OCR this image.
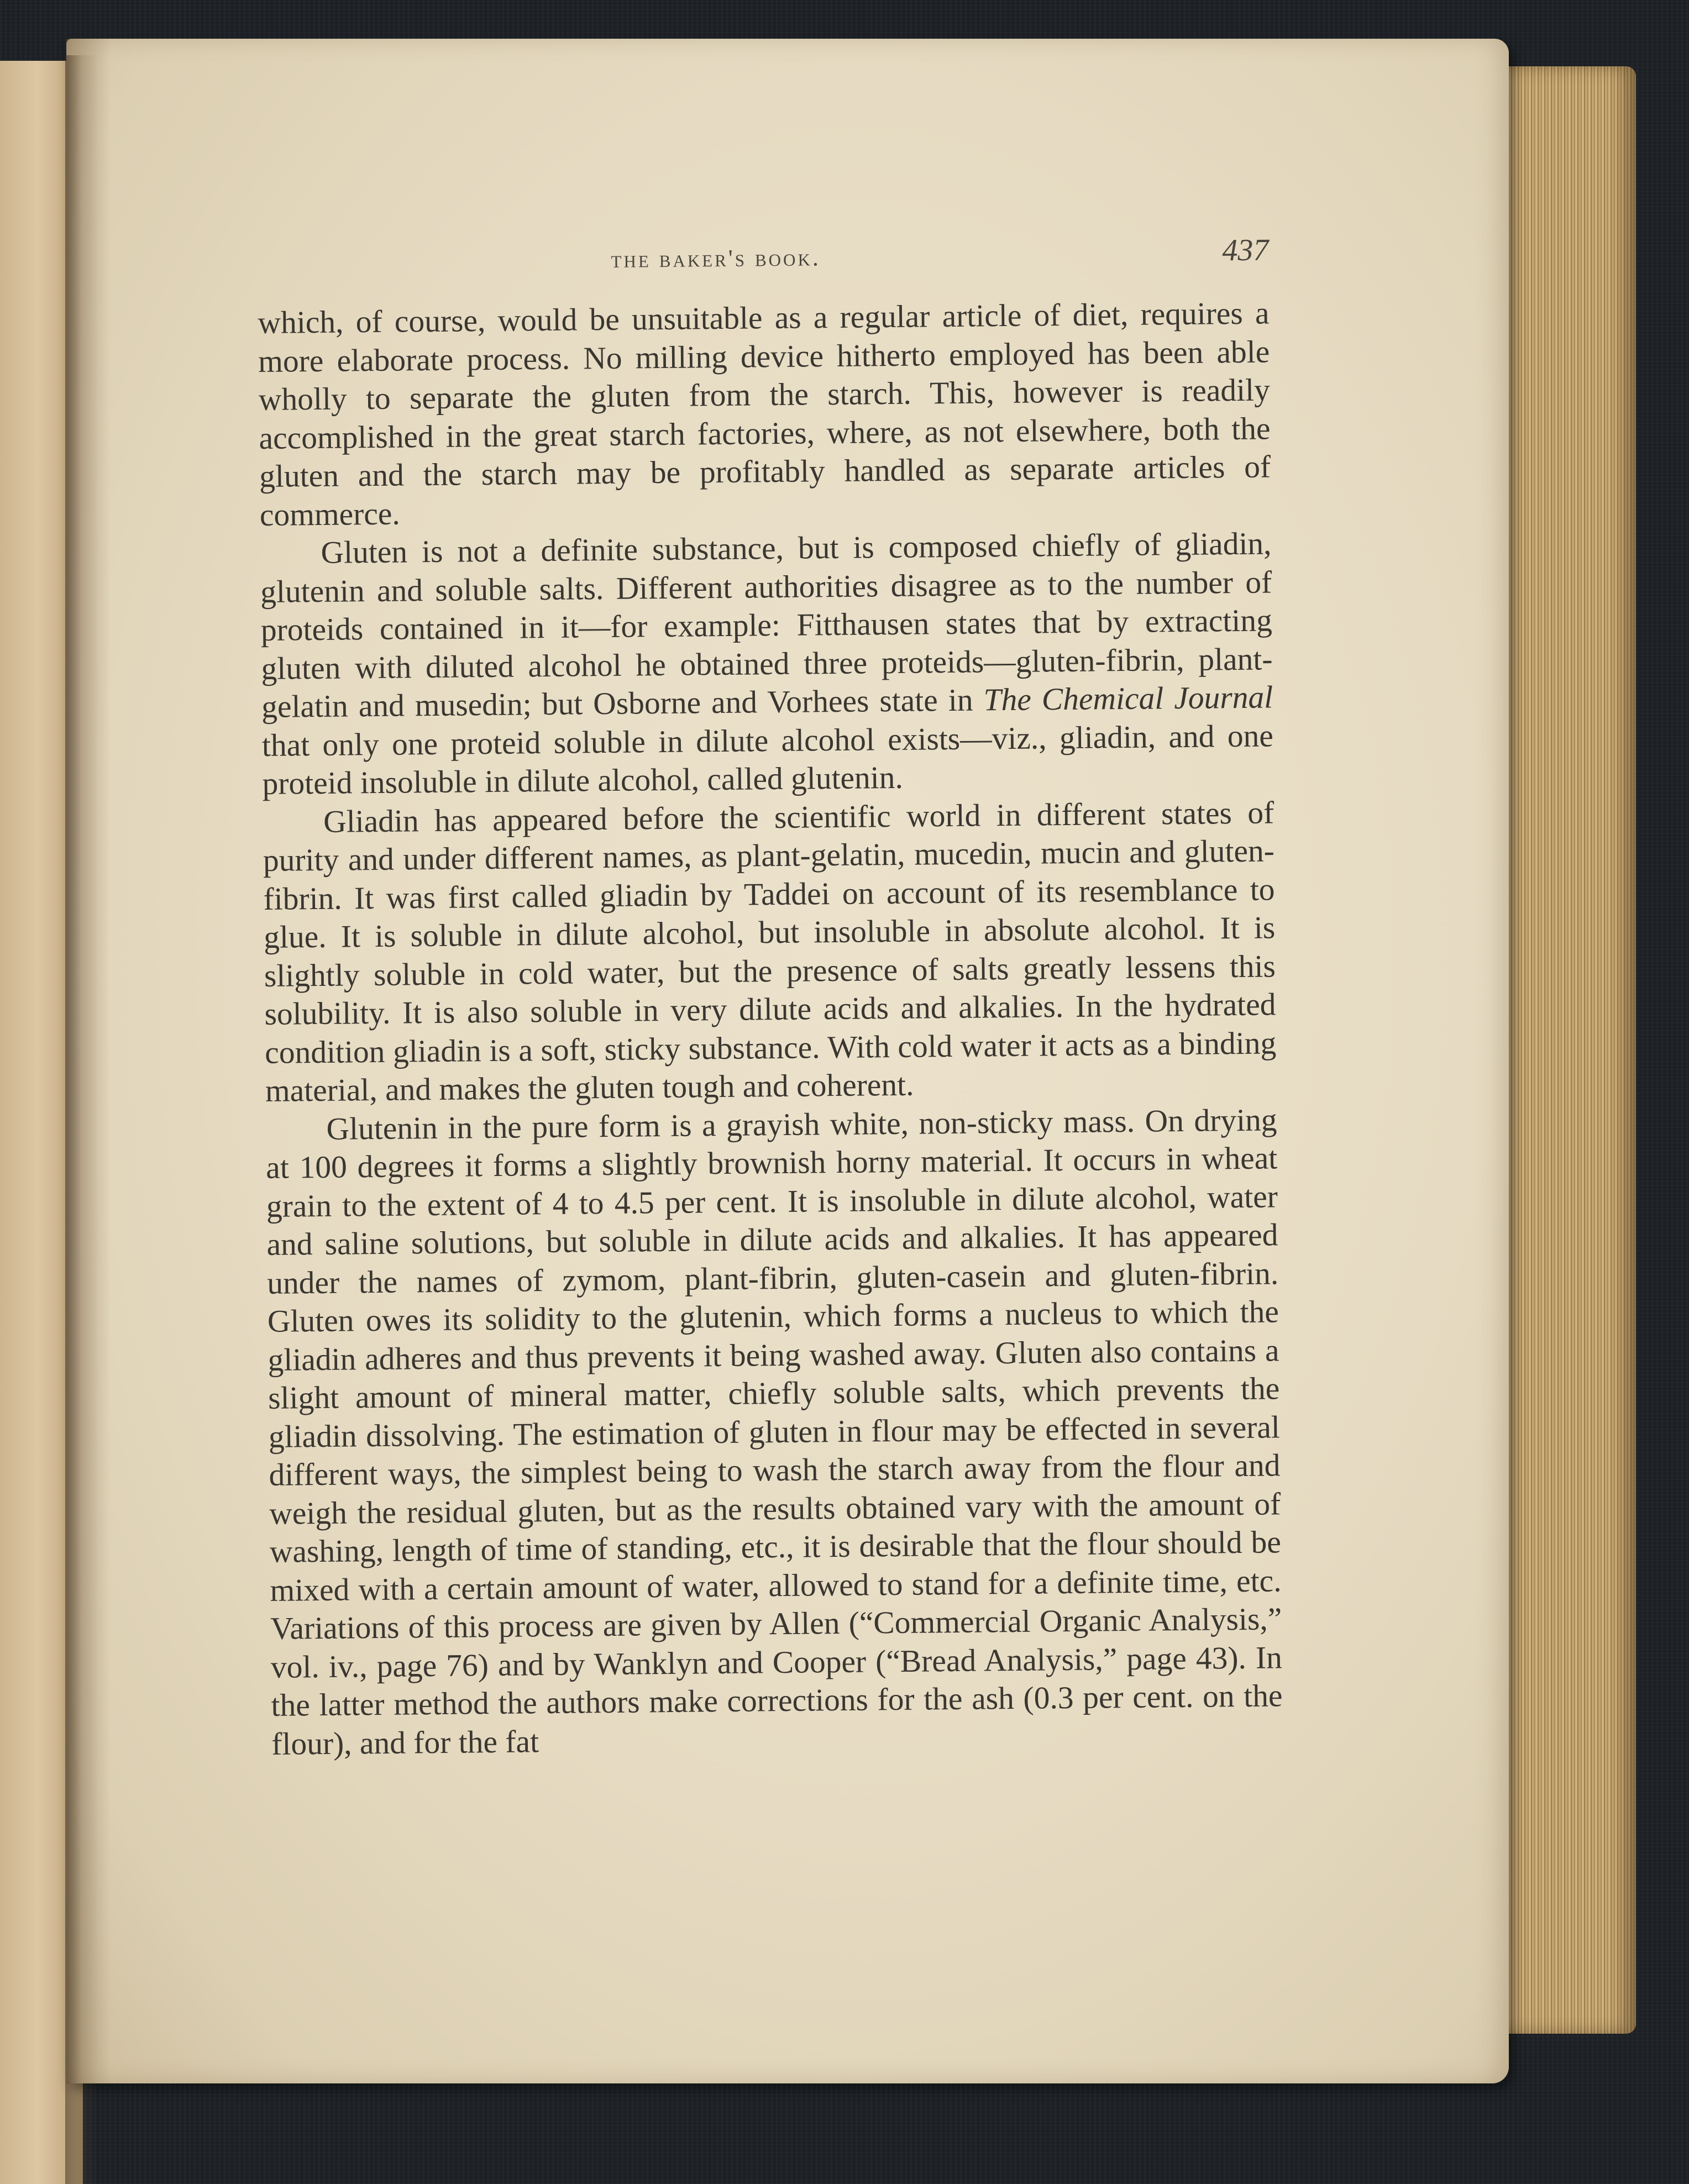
the baker's book.	437

which, of course, would be unsuitable as a regular article of diet, requires a more elaborate process. No milling device hitherto employed has been able wholly to separate the gluten from the starch. This, however is readily accomplished in the great starch factories, where, as not elsewhere, both the gluten and the starch may be profitably handled as separate articles of commerce.

Gluten is not a definite substance, but is composed chiefly of gliadin, glutenin and soluble salts. Different authorities disagree as to the number of proteids contained in it—for example: Fitthausen states that by extracting gluten with diluted alcohol he obtained three proteids—gluten-fibrin, plant-gelatin and musedin; but Osborne and Vorhees state in The Chemical Journal that only one proteid soluble in dilute alcohol exists—viz., gliadin, and one proteid insoluble in dilute alcohol, called glutenin.

Gliadin has appeared before the scientific world in different states of purity and under different names, as plant-gelatin, mucedin, mucin and gluten-fibrin. It was first called gliadin by Taddei on account of its resemblance to glue. It is soluble in dilute alcohol, but insoluble in absolute alcohol. It is slightly soluble in cold water, but the presence of salts greatly lessens this solubility. It is also soluble in very dilute acids and alkalies. In the hydrated condition gliadin is a soft, sticky substance. With cold water it acts as a binding material, and makes the gluten tough and coherent.

Glutenin in the pure form is a grayish white, non-sticky mass. On drying at 100 degrees it forms a slightly brownish horny material. It occurs in wheat grain to the extent of 4 to 4.5 per cent. It is insoluble in dilute alcohol, water and saline solutions, but soluble in dilute acids and alkalies. It has appeared under the names of zymom, plant-fibrin, gluten-casein and gluten-fibrin. Gluten owes its solidity to the glutenin, which forms a nucleus to which the gliadin adheres and thus prevents it being washed away. Gluten also contains a slight amount of mineral matter, chiefly soluble salts, which prevents the gliadin dissolving. The estimation of gluten in flour may be effected in several different ways, the simplest being to wash the starch away from the flour and weigh the residual gluten, but as the results obtained vary with the amount of washing, length of time of standing, etc., it is desirable that the flour should be mixed with a certain amount of water, allowed to stand for a definite time, etc. Variations of this process are given by Allen (“Commercial Organic Analysis,” vol. iv., page 76) and by Wanklyn and Cooper (“Bread Analysis,” page 43). In the latter method the authors make corrections for the ash (0.3 per cent. on the flour), and for the fat
